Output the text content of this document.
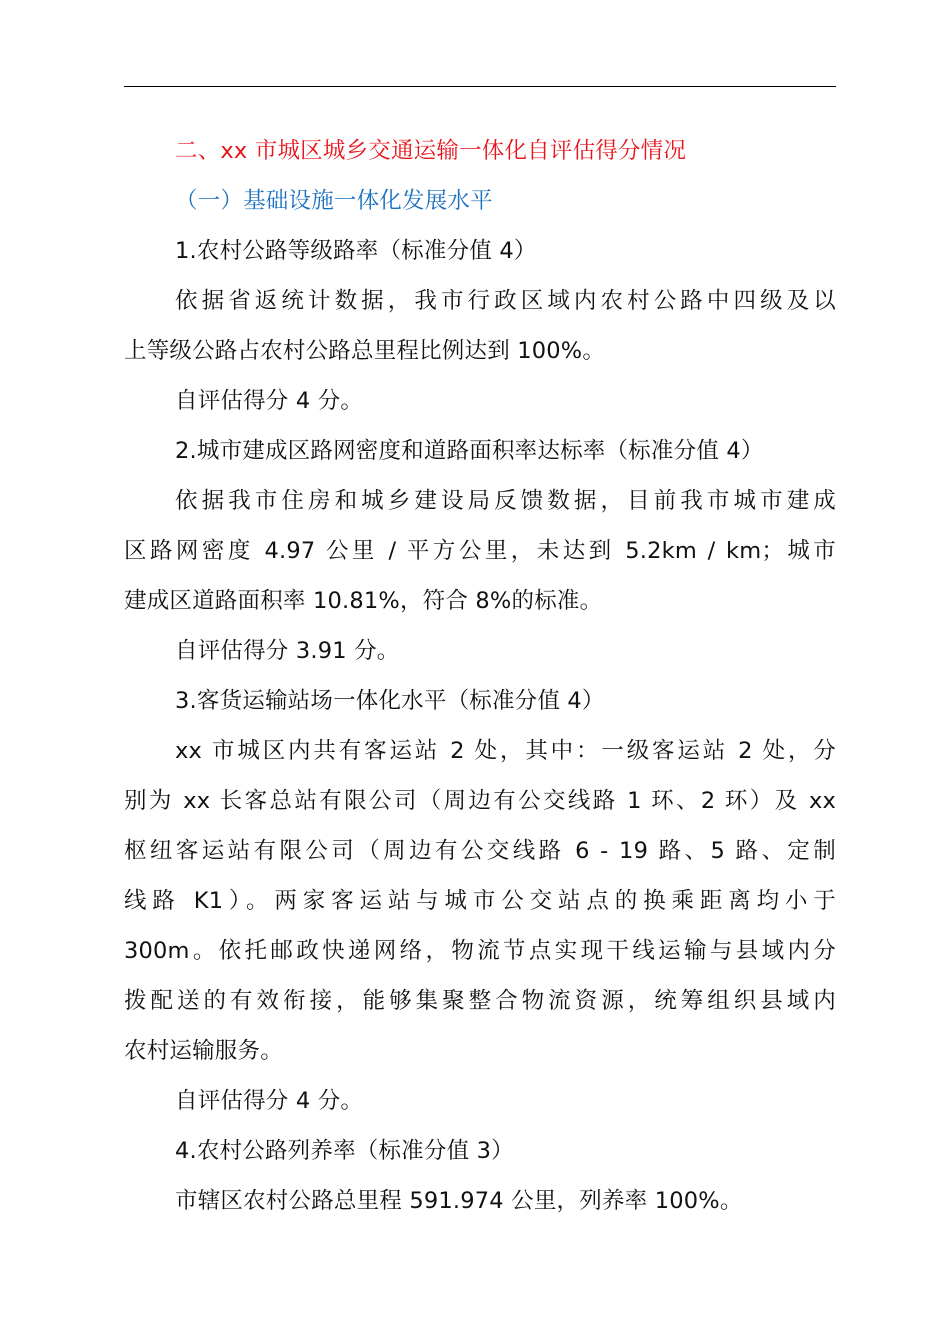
二、xx 市城区城乡交通运输一体化自评估得分情况
（一）基础设施一体化发展水平
1.农村公路等级路率（标准分值 4）
依据省返统计数据，我市行政区域内农村公路中四级及以
上等级公路占农村公路总里程比例达到 100%。
自评估得分 4 分。
2.城市建成区路网密度和道路面积率达标率（标准分值 4）
依据我市住房和城乡建设局反馈数据，目前我市城市建成
区路网密度 4.97 公里 / 平方公里，未达到 5.2km / km；城市
建成区道路面积率 10.81%，符合 8%的标准。
自评估得分 3.91 分。
3.客货运输站场一体化水平（标准分值 4）
xx 市城区内共有客运站 2 处，其中：一级客运站 2 处，分
别为 xx 长客总站有限公司（周边有公交线路 1 环、2 环）及 xx
枢纽客运站有限公司（周边有公交线路 6 - 19 路、5 路、定制
线路 K1）。两家客运站与城市公交站点的换乘距离均小于
300m。依托邮政快递网络，物流节点实现干线运输与县域内分
拨配送的有效衔接，能够集聚整合物流资源，统筹组织县域内
农村运输服务。
自评估得分 4 分。
4.农村公路列养率（标准分值 3）
市辖区农村公路总里程 591.974 公里，列养率 100%。
